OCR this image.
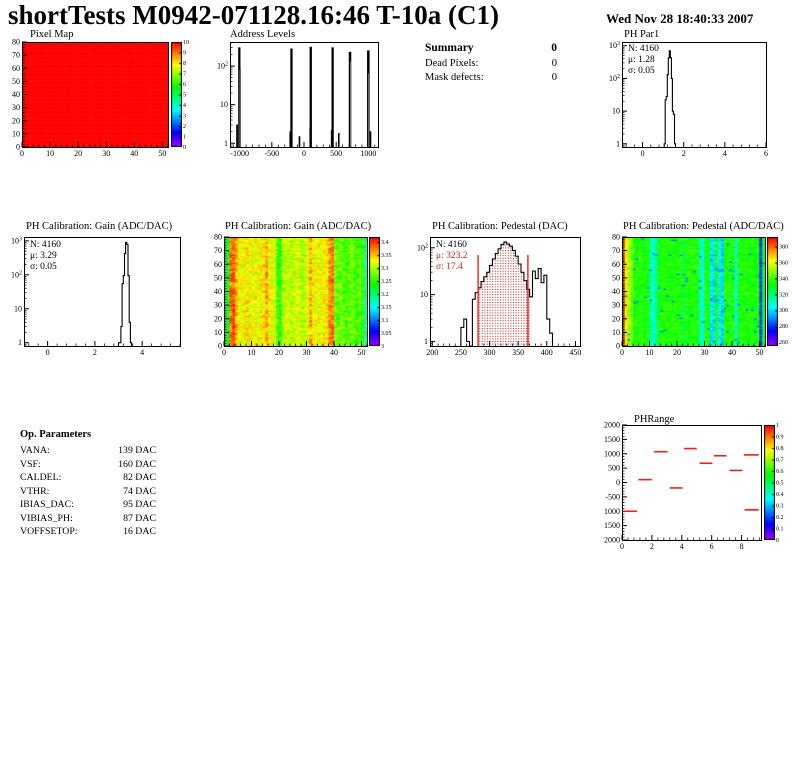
shortTests M0942-071128.16:46 T-10a (C1)	Wed Nov 28 18:40:33 2007
Pixel Map
0	10	20	30	40	50
0
10
20
30
40
50
60
70
80	10
9
8
7
6
5
4
3
2
1
0
Address Levels
-1000 -500	0	500 1000
1
10
$10^2$
Summary	0
Dead Pixels:	0
Mask defects:	0
PH Par1
N: 4160
μ: 1.28
σ: 0.05
0	2	4	6
1
10
$10^2$
$10^3$
PH Calibration: Gain (ADC/DAC)
N: 4160
μ: 3.29
σ: 0.05
0	2	4
1
10
$10^2$
$10^3$
PH Calibration: Gain (ADC/DAC)
0	10 20 30 40 50
0
10
20
30
40
50
60
70
80
3.4
3.35
3.3
3.25
3.2
3.15
3.1
3.05
3
PH Calibration: Pedestal (DAC)
N: 4160
μ: 323.2
σ: 17.4
200 250 300 350 400 450
1
10
$10^2$
PH Calibration: Pedestal (ADC/DAC)
0	10 20 30 40 50
0
10
20
30
40
50
60
70
80
380
360
340
320
300
280
260
Op. Parameters
VANA:	139 DAC
VSF:	160 DAC
CALDEL:	82 DAC
VTHR:	74 DAC
IBIAS_DAC:	95 DAC
VIBIAS_PH:	87 DAC
VOFFSETOP:	16 DAC
PHRange
0	2	4	6	8
2000
1500
1000
500
0
-500
1000
1500
2000
1
0.9
0.8
0.7
0.6
0.5
0.4
0.3
0.2
0.1
0
